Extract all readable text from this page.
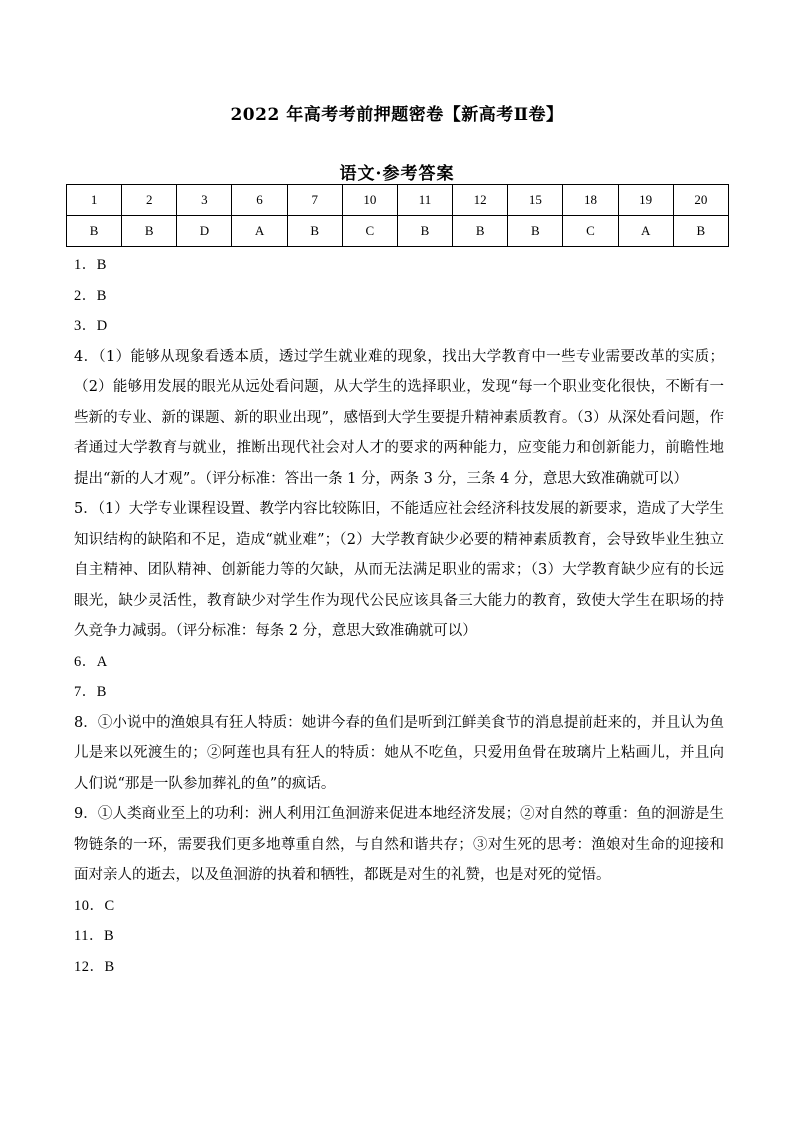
2022 年高考考前押题密卷【新高考Ⅱ卷】
语文·参考答案
1	2	3	6	7	10	11	12	15	18	19	20
B	B	D	A	B	C	B	B	B	C	A	B
1．B
2．B
3．D
4．（1）能够从现象看透本质，透过学生就业难的现象，找出大学教育中一些专业需要改革的实质；（2）能够用发展的眼光从远处看问题，从大学生的选择职业，发现“每一个职业变化很快，不断有一些新的专业、新的课题、新的职业出现”，感悟到大学生要提升精神素质教育。（3）从深处看问题，作者通过大学教育与就业，推断出现代社会对人才的要求的两种能力，应变能力和创新能力，前瞻性地提出“新的人才观”。（评分标准：答出一条 1 分，两条 3 分，三条 4 分，意思大致准确就可以）
5．（1）大学专业课程设置、教学内容比较陈旧，不能适应社会经济科技发展的新要求，造成了大学生知识结构的缺陷和不足，造成“就业难”；（2）大学教育缺少必要的精神素质教育，会导致毕业生独立自主精神、团队精神、创新能力等的欠缺，从而无法满足职业的需求；（3）大学教育缺少应有的长远眼光，缺少灵活性，教育缺少对学生作为现代公民应该具备三大能力的教育，致使大学生在职场的持久竞争力减弱。（评分标准：每条 2 分，意思大致准确就可以）
6．A
7．B
8．①小说中的渔娘具有狂人特质：她讲今春的鱼们是听到江鲜美食节的消息提前赶来的，并且认为鱼儿是来以死渡生的；②阿莲也具有狂人的特质：她从不吃鱼，只爱用鱼骨在玻璃片上粘画儿，并且向人们说“那是一队参加葬礼的鱼”的疯话。
9．①人类商业至上的功利：洲人利用江鱼洄游来促进本地经济发展；②对自然的尊重：鱼的洄游是生物链条的一环，需要我们更多地尊重自然，与自然和谐共存；③对生死的思考：渔娘对生命的迎接和面对亲人的逝去，以及鱼洄游的执着和牺牲，都既是对生的礼赞，也是对死的觉悟。
10．C
11．B
12．B
